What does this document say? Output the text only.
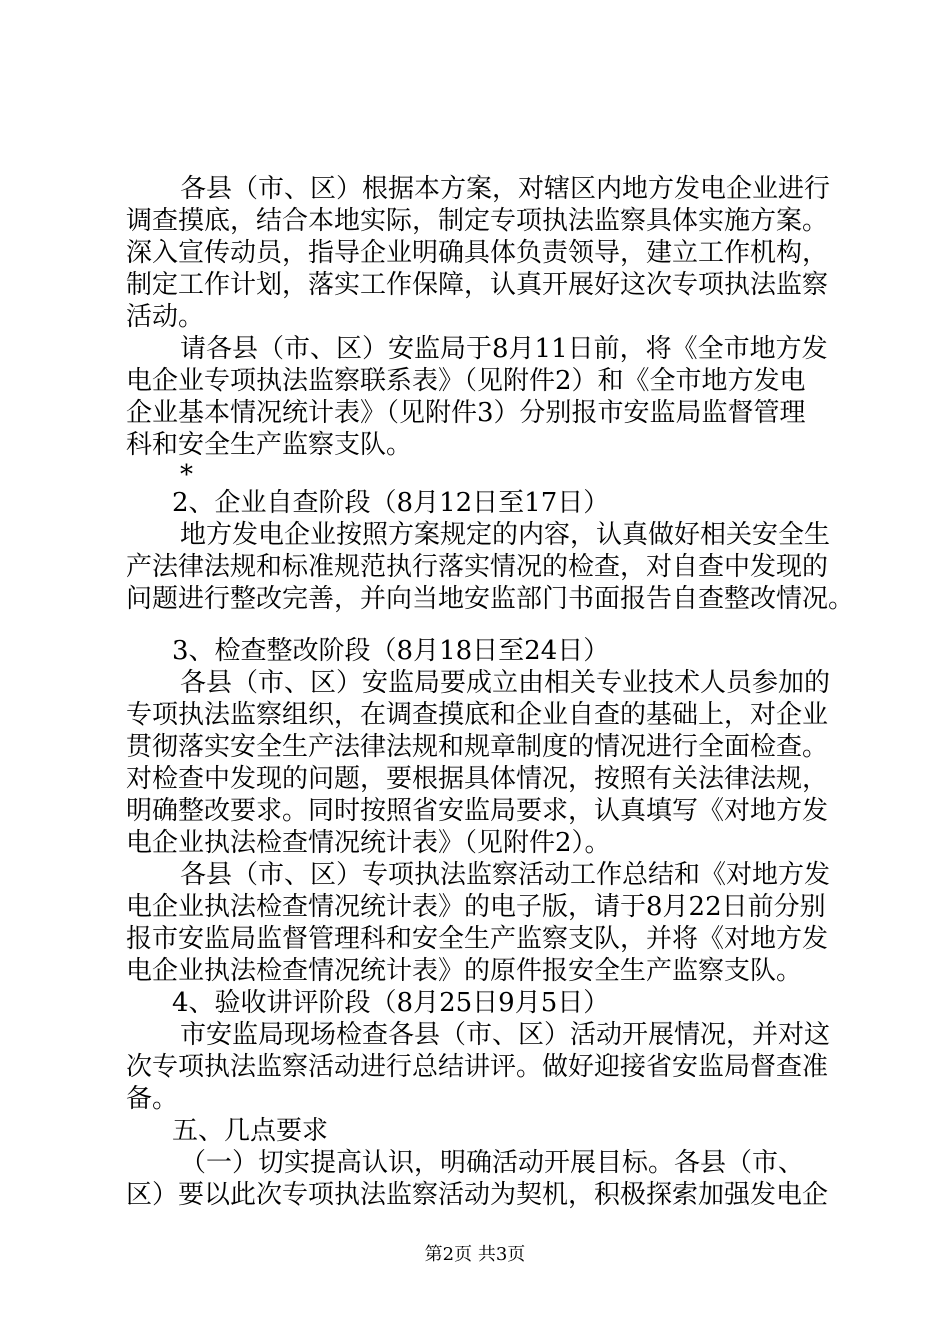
各县（市、区）根据本方案，对辖区内地方发电企业进行
调查摸底，结合本地实际，制定专项执法监察具体实施方案。
深入宣传动员，指导企业明确具体负责领导，建立工作机构，
制定工作计划，落实工作保障，认真开展好这次专项执法监察
活动。
请各县（市、区）安监局于8月11日前，将《全市地方发
电企业专项执法监察联系表》（见附件2）和《全市地方发电
企业基本情况统计表》（见附件3）分别报市安监局监督管理
科和安全生产监察支队。
*
2、企业自查阶段（8月12日至17日）
地方发电企业按照方案规定的内容，认真做好相关安全生
产法律法规和标准规范执行落实情况的检查，对自查中发现的
问题进行整改完善，并向当地安监部门书面报告自查整改情况。
3、检查整改阶段（8月18日至24日）
各县（市、区）安监局要成立由相关专业技术人员参加的
专项执法监察组织，在调查摸底和企业自查的基础上，对企业
贯彻落实安全生产法律法规和规章制度的情况进行全面检查。
对检查中发现的问题，要根据具体情况，按照有关法律法规，
明确整改要求。同时按照省安监局要求，认真填写《对地方发
电企业执法检查情况统计表》（见附件2）。
各县（市、区）专项执法监察活动工作总结和《对地方发
电企业执法检查情况统计表》的电子版，请于8月22日前分别
报市安监局监督管理科和安全生产监察支队，并将《对地方发
电企业执法检查情况统计表》的原件报安全生产监察支队。
4、验收讲评阶段（8月25日9月5日）
市安监局现场检查各县（市、区）活动开展情况，并对这
次专项执法监察活动进行总结讲评。做好迎接省安监局督查准
备。
五、几点要求
（一）切实提高认识，明确活动开展目标。各县（市、
区）要以此次专项执法监察活动为契机，积极探索加强发电企
第2页 共3页
